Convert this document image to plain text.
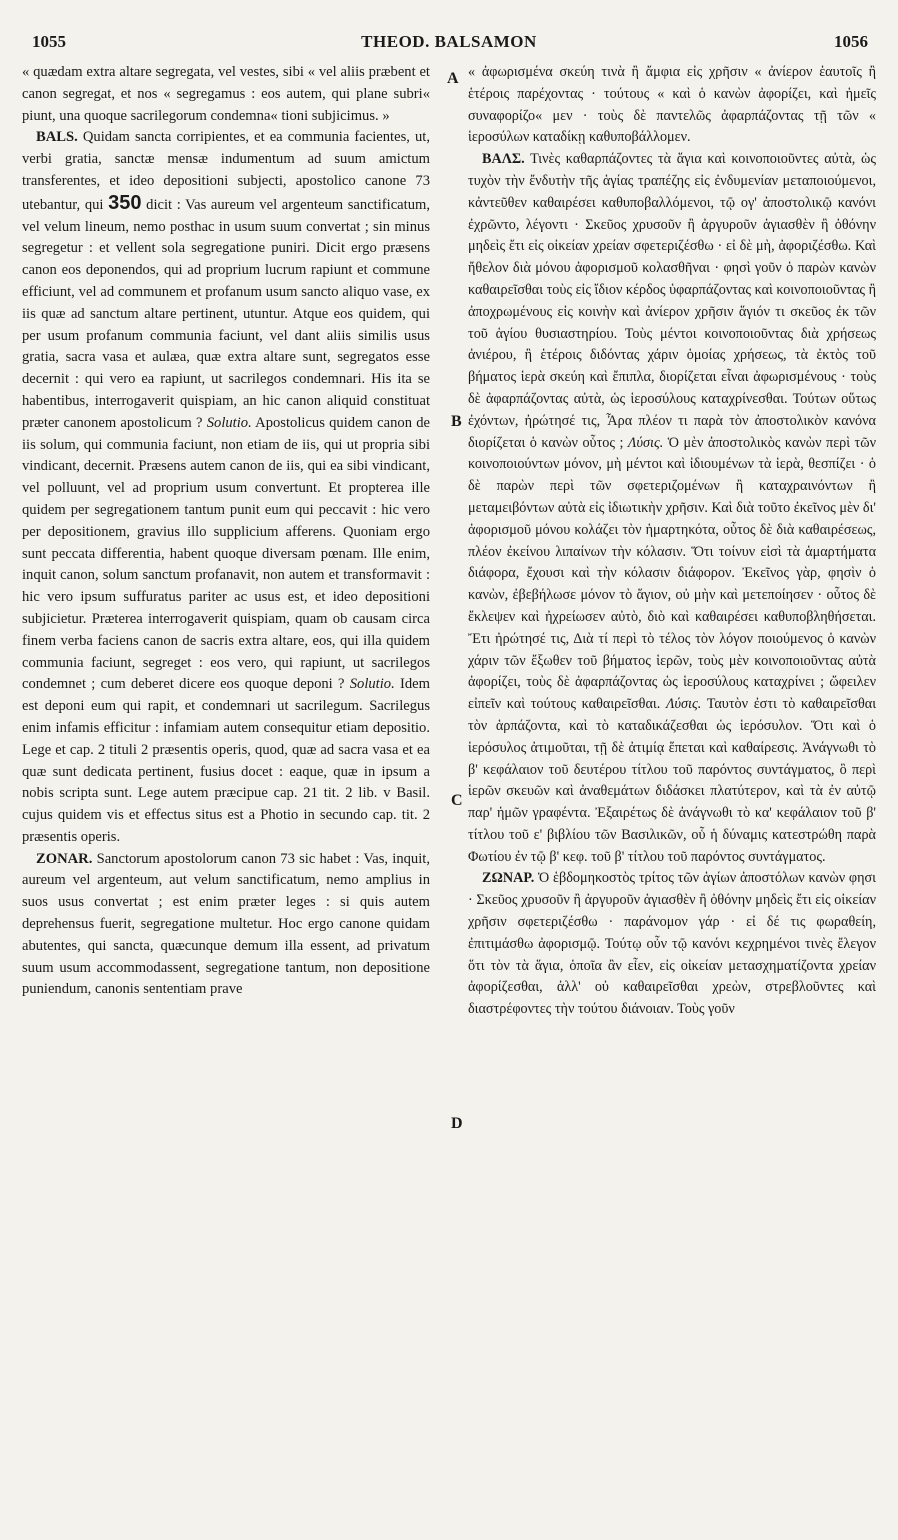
1055	THEOD. BALSAMON	1056
A
B
C
D

« quædam extra altare segregata, vel vestes, sibi « vel aliis præbent et canon segregat, et nos « segregamus : eos autem, qui plane subri« piunt, una quoque sacrilegorum condemna« tioni subjicimus. »

BALS. Quidam sancta corripientes, et ea communia facientes, ut, verbi gratia, sanctæ mensæ indumentum ad suum amictum transferentes, et ideo depositioni subjecti, apostolico canone 73 utebantur, qui 350 dicit : Vas aureum vel argenteum sanctificatum, vel velum lineum, nemo posthac in usum suum convertat ; sin minus segregetur : et vellent sola segregatione puniri. Dicit ergo præsens canon eos deponendos, qui ad proprium lucrum rapiunt et commune efficiunt, vel ad communem et profanum usum sancto aliquo vase, ex iis quæ ad sanctum altare pertinent, utuntur. Atque eos quidem, qui per usum profanum communia faciunt, vel dant aliis similis usus gratia, sacra vasa et aulæa, quæ extra altare sunt, segregatos esse decernit : qui vero ea rapiunt, ut sacrilegos condemnari. His ita se habentibus, interrogaverit quispiam, an hic canon aliquid constituat præter canonem apostolicum ? Solutio. Apostolicus quidem canon de iis solum, qui communia faciunt, non etiam de iis, qui ut propria sibi vindicant, decernit. Præsens autem canon de iis, qui ea sibi vindicant, vel polluunt, vel ad proprium usum convertunt. Et propterea ille quidem per segregationem tantum punit eum qui peccavit : hic vero per depositionem, gravius illo supplicium afferens. Quoniam ergo sunt peccata differentia, habent quoque diversam pœnam. Ille enim, inquit canon, solum sanctum profanavit, non autem et transformavit : hic vero ipsum suffuratus pariter ac usus est, et ideo depositioni subjicietur. Præterea interrogaverit quispiam, quam ob causam circa finem verba faciens canon de sacris extra altare, eos, qui illa quidem communia faciunt, segreget : eos vero, qui rapiunt, ut sacrilegos condemnet ; cum deberet dicere eos quoque deponi ? Solutio. Idem est deponi eum qui rapit, et condemnari ut sacrilegum. Sacrilegus enim infamis efficitur : infamiam autem consequitur etiam depositio. Lege et cap. 2 tituli 2 præsentis operis, quod, quæ ad sacra vasa et ea quæ sunt dedicata pertinent, fusius docet : eaque, quæ in ipsum a nobis scripta sunt. Lege autem præcipue cap. 21 tit. 2 lib. v Basil. cujus quidem vis et effectus situs est a Photio in secundo cap. tit. 2 præsentis operis.

ZONAR. Sanctorum apostolorum canon 73 sic habet : Vas, inquit, aureum vel argenteum, aut velum sanctificatum, nemo amplius in suos usus convertat ; est enim præter leges : si quis autem deprehensus fuerit, segregatione multetur. Hoc ergo canone quidam abutentes, qui sancta, quæcunque demum illa essent, ad privatum suum usum accommodassent, segregatione tantum, non depositione puniendum, canonis sententiam prave

« ἀφωρισμένα σκεύη τινὰ ἢ ἄμφια εἰς χρῆσιν « ἀνίερον ἑαυτοῖς ἢ ἑτέροις παρέχοντας · τούτους « καὶ ὁ κανὼν ἀφορίζει, καὶ ἡμεῖς συναφορίζο« μεν · τοὺς δὲ παντελῶς ἀφαρπάζοντας τῇ τῶν « ἱεροσύλων καταδίκῃ καθυποβάλλομεν.

ΒΑΛΣ. Τινὲς καθαρπάζοντες τὰ ἅγια καὶ κοινοποιοῦντες αὐτὰ, ὡς τυχὸν τὴν ἔνδυτὴν τῆς ἁγίας τραπέζης εἰς ἐνδυμενίαν μεταποιούμενοι, κἀντεῦθεν καθαιρέσει καθυποβαλλόμενοι, τῷ ογ' ἀποστολικῷ κανόνι ἐχρῶντο, λέγοντι · Σκεῦος χρυσοῦν ἢ ἀργυροῦν ἁγιασθὲν ἢ ὀθόνην μηδεὶς ἔτι εἰς οἰκείαν χρείαν σφετεριζέσθω · εἰ δὲ μὴ, ἀφοριζέσθω. Καὶ ἤθελον διὰ μόνου ἀφορισμοῦ κολασθῆναι · φησὶ γοῦν ὁ παρὼν κανὼν καθαιρεῖσθαι τοὺς εἰς ἴδιον κέρδος ὑφαρπάζοντας καὶ κοινοποιοῦντας ἢ ἀποχρωμένους εἰς κοινὴν καὶ ἀνίερον χρῆσιν ἅγιόν τι σκεῦος ἐκ τῶν τοῦ ἁγίου θυσιαστηρίου. Τοὺς μέντοι κοινοποιοῦντας διὰ χρήσεως ἀνιέρου, ἢ ἑτέροις διδόντας χάριν ὁμοίας χρήσεως, τὰ ἐκτὸς τοῦ βήματος ἱερὰ σκεύη καὶ ἔπιπλα, διορίζεται εἶναι ἀφωρισμένους · τοὺς δὲ ἀφαρπάζοντας αὐτὰ, ὡς ἱεροσύλους καταχρίνεσθαι. Τούτων οὕτως ἐχόντων, ἠρώτησέ τις, Ἆρα πλέον τι παρὰ τὸν ἀποστολικὸν κανόνα διορίζεται ὁ κανὼν οὗτος ; Λύσις. Ὁ μὲν ἀποστολικὸς κανὼν περὶ τῶν κοινοποιούντων μόνον, μὴ μέντοι καὶ ἰδιουμένων τὰ ἱερὰ, θεσπίζει · ὁ δὲ παρὼν περὶ τῶν σφετεριζομένων ἢ καταχραινόντων ἢ μεταμειβόντων αὐτὰ εἰς ἰδιωτικὴν χρῆσιν. Καὶ διὰ τοῦτο ἐκεῖνος μὲν δι' ἀφορισμοῦ μόνου κολάζει τὸν ἡμαρτηκότα, οὗτος δὲ διὰ καθαιρέσεως, πλέον ἐκείνου λιπαίνων τὴν κόλασιν. Ὅτι τοίνυν εἰσὶ τὰ ἁμαρτήματα διάφορα, ἔχουσι καὶ τὴν κόλασιν διάφορον. Ἐκεῖνος γὰρ, φησὶν ὁ κανὼν, ἐβεβήλωσε μόνον τὸ ἅγιον, οὐ μὴν καὶ μετεποίησεν · οὗτος δὲ ἔκλεψεν καὶ ἠχρείωσεν αὐτὸ, διὸ καὶ καθαιρέσει καθυποβληθήσεται. Ἔτι ἠρώτησέ τις, Διὰ τί περὶ τὸ τέλος τὸν λόγον ποιούμενος ὁ κανὼν χάριν τῶν ἔξωθεν τοῦ βήματος ἱερῶν, τοὺς μὲν κοινοποιοῦντας αὐτὰ ἀφορίζει, τοὺς δὲ ἀφαρπάζοντας ὡς ἱεροσύλους καταχρίνει ; ὤφειλεν εἰπεῖν καὶ τούτους καθαιρεῖσθαι. Λύσις. Ταυτὸν ἐστι τὸ καθαιρεῖσθαι τὸν ἁρπάζοντα, καὶ τὸ καταδικάζεσθαι ὡς ἱερόσυλον. Ὅτι καὶ ὁ ἱερόσυλος ἀτιμοῦται, τῇ δὲ ἀτιμίᾳ ἕπεται καὶ καθαίρεσις. Ἀνάγνωθι τὸ β' κεφάλαιον τοῦ δευτέρου τίτλου τοῦ παρόντος συντάγματος, ὃ περὶ ἱερῶν σκευῶν καὶ ἀναθεμάτων διδάσκει πλατύτερον, καὶ τὰ ἐν αὐτῷ παρ' ἡμῶν γραφέντα. Ἐξαιρέτως δὲ ἀνάγνωθι τὸ κα' κεφάλαιον τοῦ β' τίτλου τοῦ ε' βιβλίου τῶν Βασιλικῶν, οὗ ἡ δύναμις κατεστρώθη παρὰ Φωτίου ἐν τῷ β' κεφ. τοῦ β' τίτλου τοῦ παρόντος συντάγματος.

ΖΩΝΑΡ. Ὁ ἑβδομηκοστὸς τρίτος τῶν ἁγίων ἀποστόλων κανὼν φησι · Σκεῦος χρυσοῦν ἢ ἀργυροῦν ἁγιασθὲν ἢ ὀθόνην μηδεὶς ἔτι εἰς οἰκείαν χρῆσιν σφετεριζέσθω · παράνομον γάρ · εἰ δέ τις φωραθείη, ἐπιτιμάσθω ἀφορισμῷ. Τούτῳ οὖν τῷ κανόνι κεχρημένοι τινὲς ἔλεγον ὅτι τὸν τὰ ἅγια, ὁποῖα ἂν εἶεν, εἰς οἰκείαν μετασχηματίζοντα χρείαν ἀφορίζεσθαι, ἀλλ' οὐ καθαιρεῖσθαι χρεὼν, στρεβλοῦντες καὶ διαστρέφοντες τὴν τούτου διάνοιαν. Τοὺς γοῦν
